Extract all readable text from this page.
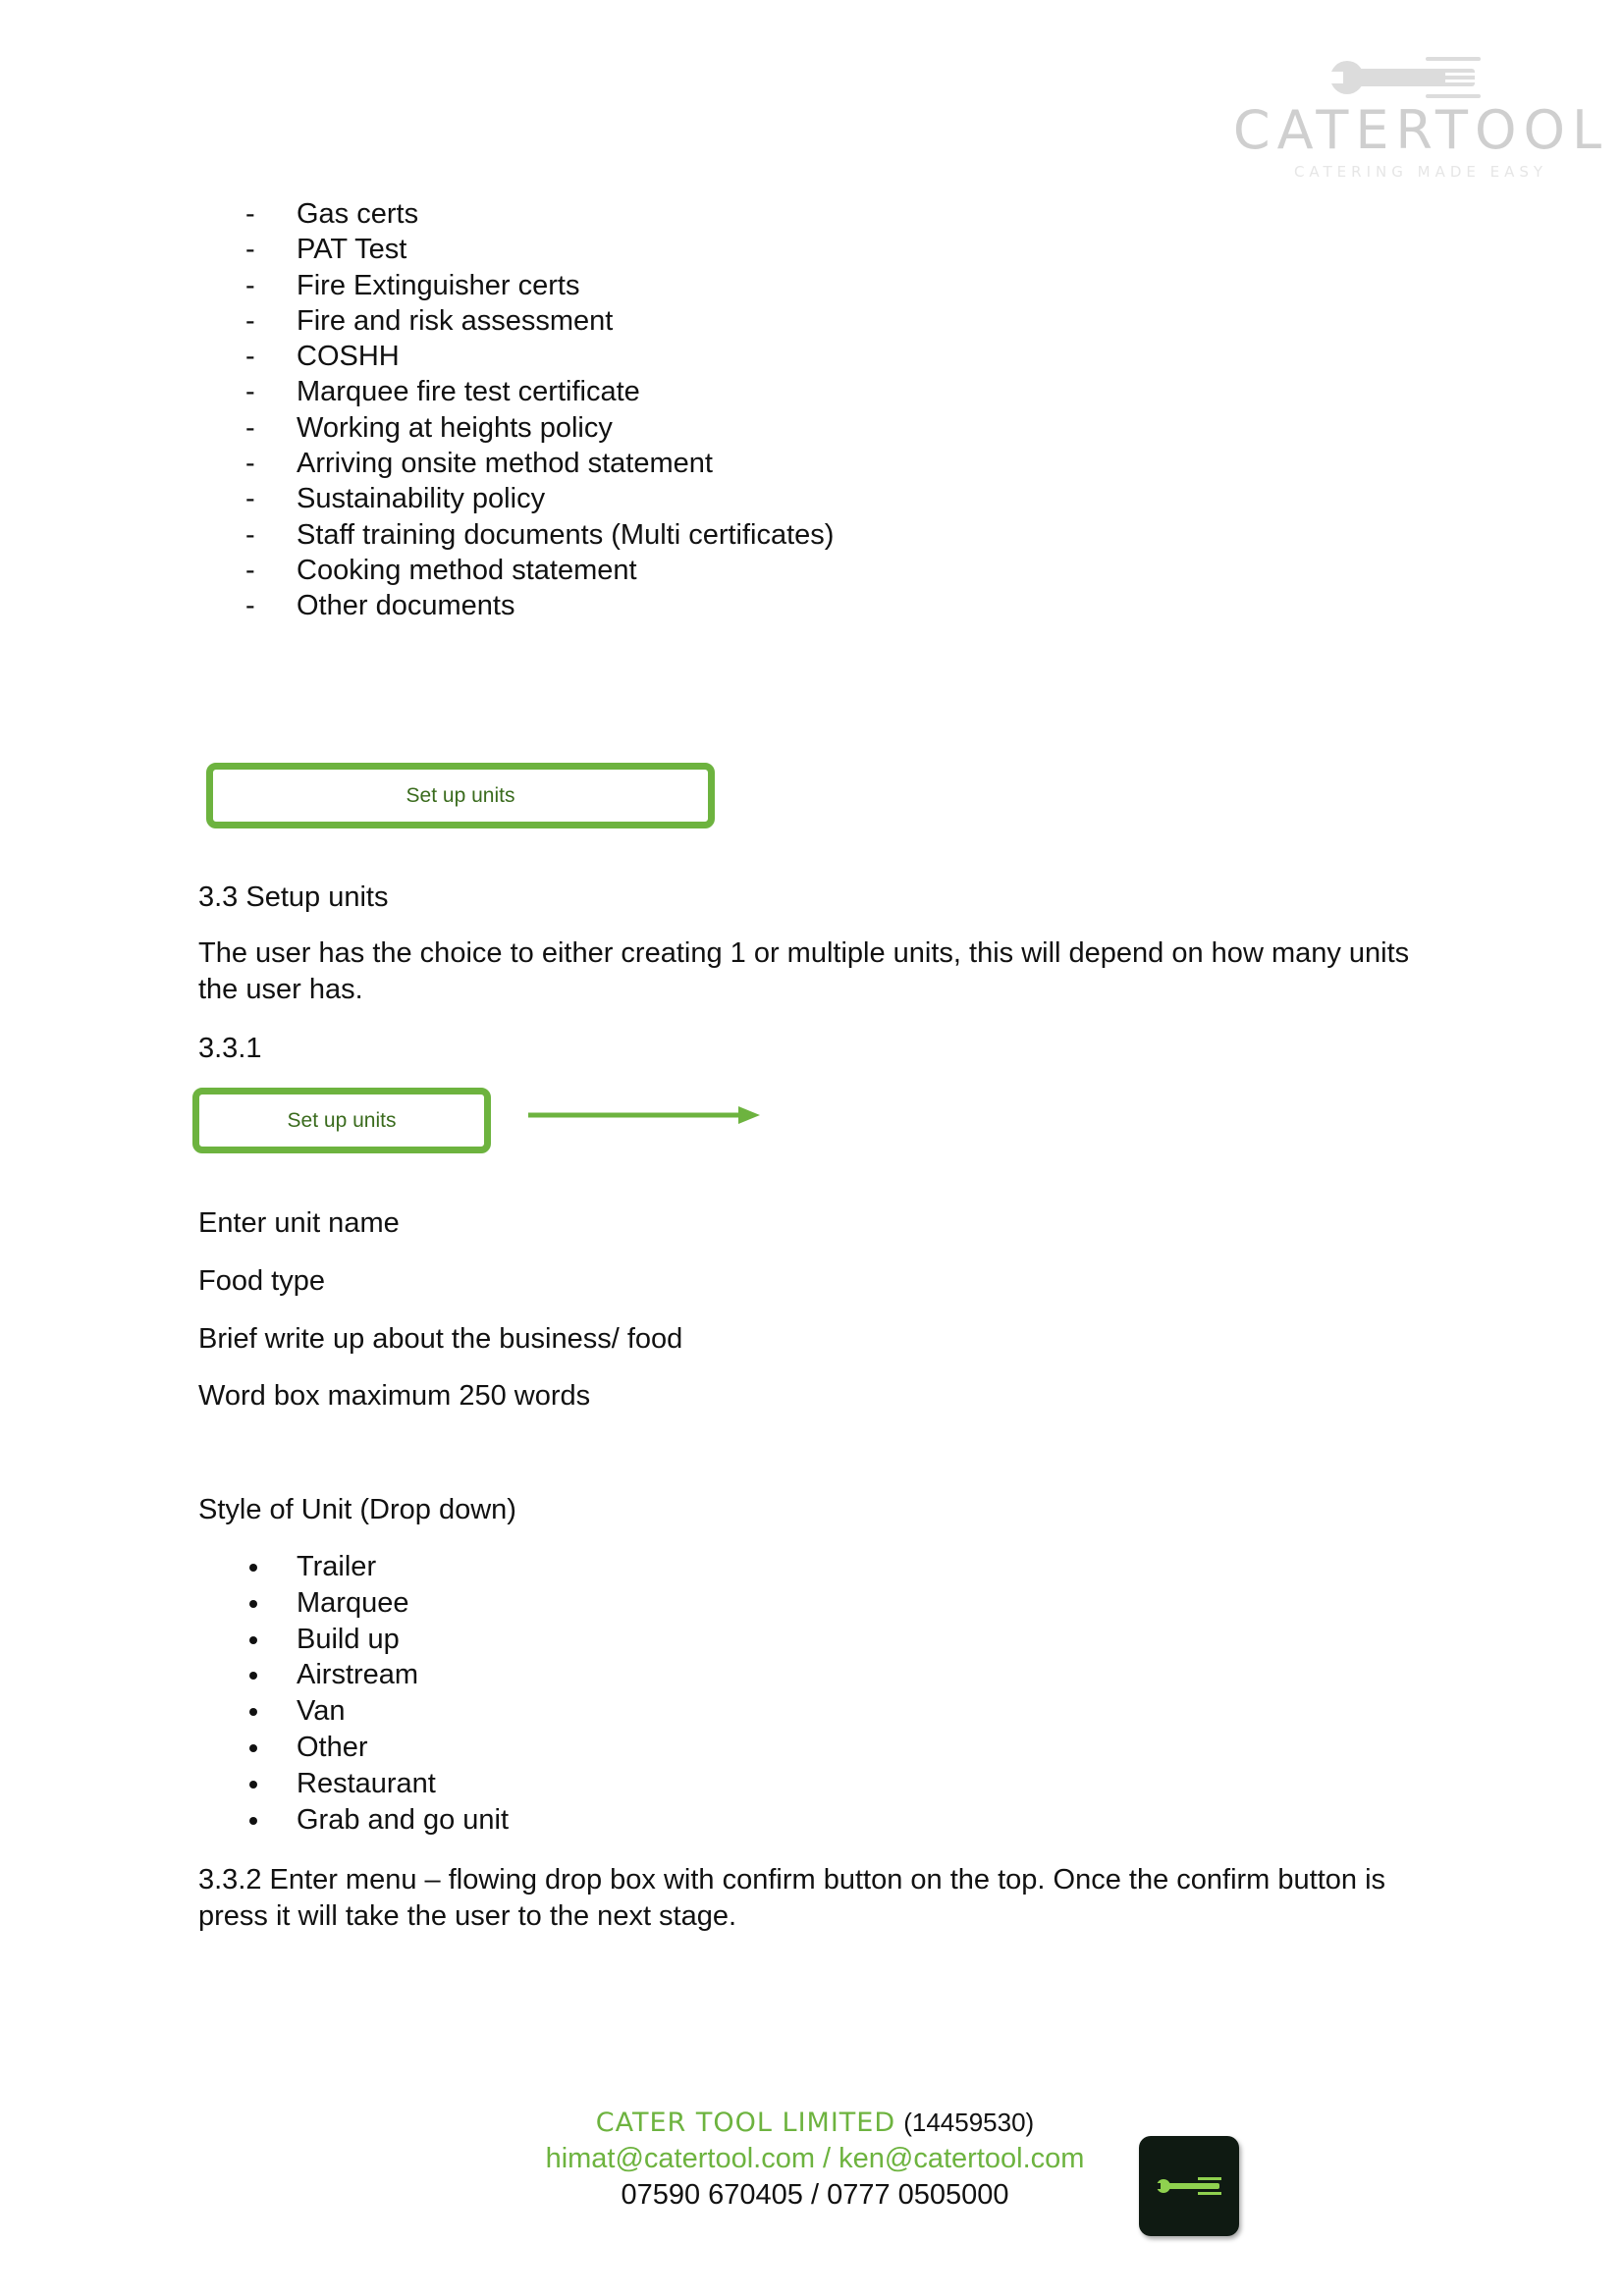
CATERTOOL
CATERING MADE EASY
- Gas certs
- PAT Test
- Fire Extinguisher certs
- Fire and risk assessment
- COSHH
- Marquee fire test certificate
- Working at heights policy
- Arriving onsite method statement
- Sustainability policy
- Staff training documents (Multi certificates)
- Cooking method statement
- Other documents
Set up units
3.3 Setup units
The user has the choice to either creating 1 or multiple units, this will depend on how many units the user has.
3.3.1
Set up units
Enter unit name
Food type
Brief write up about the business/ food
Word box maximum 250 words
Style of Unit (Drop down)
Trailer
Marquee
Build up
Airstream
Van
Other
Restaurant
Grab and go unit
3.3.2 Enter menu – flowing drop box with confirm button on the top. Once the confirm button is press it will take the user to the next stage.
CATER TOOL LIMITED (14459530)
himat@catertool.com / ken@catertool.com
07590 670405 / 0777 0505000
